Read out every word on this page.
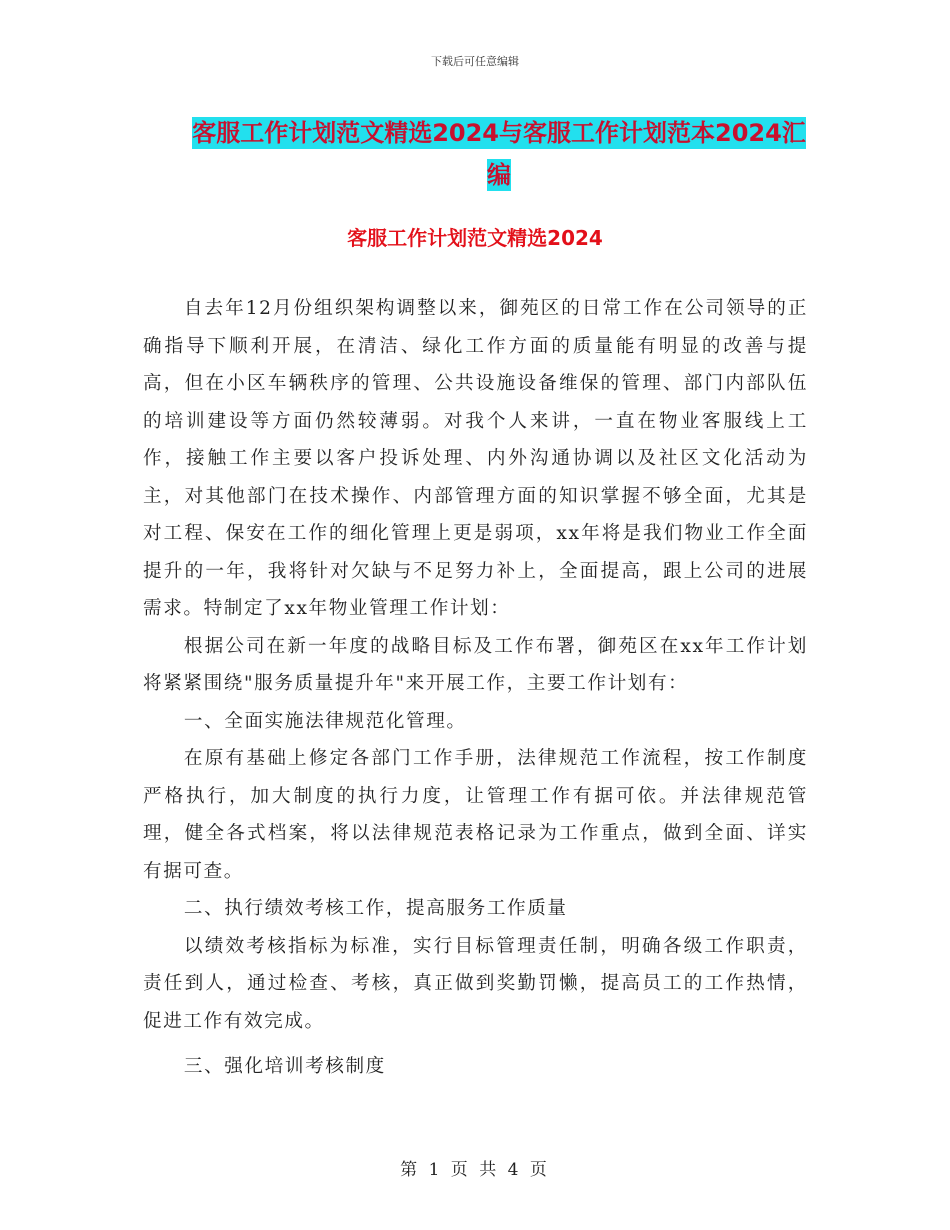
下载后可任意编辑
客服工作计划范文精选2024与客服工作计划范本2024汇编
客服工作计划范文精选2024

自去年12月份组织架构调整以来，御苑区的日常工作在公司领导的正确指导下顺利开展，在清洁、绿化工作方面的质量能有明显的改善与提高，但在小区车辆秩序的管理、公共设施设备维保的管理、部门内部队伍的培训建设等方面仍然较薄弱。对我个人来讲，一直在物业客服线上工作，接触工作主要以客户投诉处理、内外沟通协调以及社区文化活动为主，对其他部门在技术操作、内部管理方面的知识掌握不够全面，尤其是对工程、保安在工作的细化管理上更是弱项，xx年将是我们物业工作全面提升的一年，我将针对欠缺与不足努力补上，全面提高，跟上公司的进展需求。特制定了xx年物业管理工作计划：

根据公司在新一年度的战略目标及工作布署，御苑区在xx年工作计划将紧紧围绕"服务质量提升年"来开展工作，主要工作计划有：

一、全面实施法律规范化管理。

在原有基础上修定各部门工作手册，法律规范工作流程，按工作制度严格执行，加大制度的执行力度，让管理工作有据可依。并法律规范管理，健全各式档案，将以法律规范表格记录为工作重点，做到全面、详实有据可查。

二、执行绩效考核工作，提高服务工作质量

以绩效考核指标为标准，实行目标管理责任制，明确各级工作职责，责任到人，通过检查、考核，真正做到奖勤罚懒，提高员工的工作热情，促进工作有效完成。

三、强化培训考核制度

第 1 页 共 4 页
